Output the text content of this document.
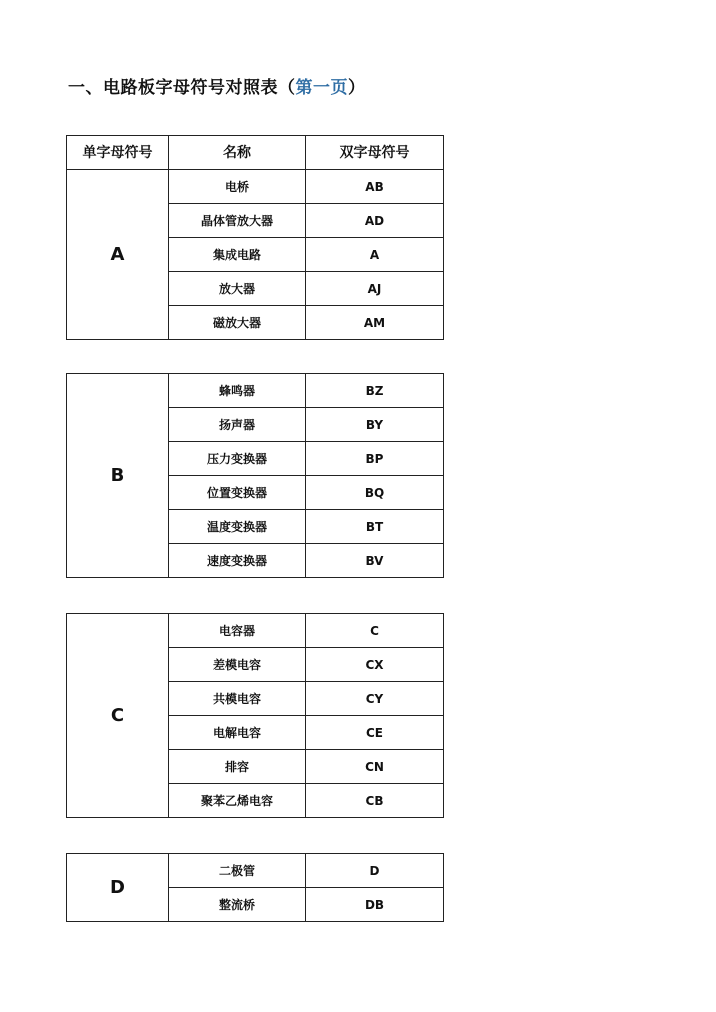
一、电路板字母符号对照表（第一页）
单字母符号	名称	双字母符号
A	电桥	AB
	晶体管放大器	AD
	集成电路	A
	放大器	AJ
	磁放大器	AM
B	蜂鸣器	BZ
	扬声器	BY
	压力变换器	BP
	位置变换器	BQ
	温度变换器	BT
	速度变换器	BV
C	电容器	C
	差模电容	CX
	共模电容	CY
	电解电容	CE
	排容	CN
	聚苯乙烯电容	CB
D	二极管	D
	整流桥	DB
